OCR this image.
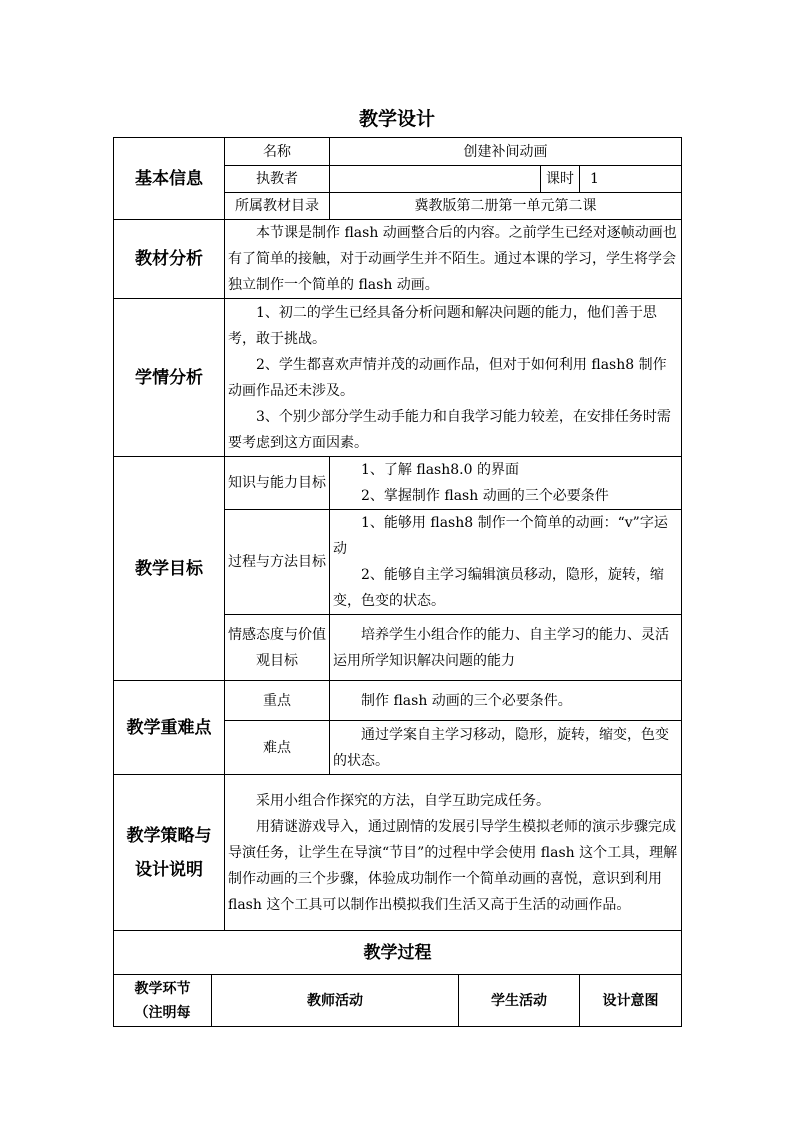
教学设计
基本信息		名称	创建补间动画			
		执教者			课时	1
		所属教材目录	冀教版第二册第一单元第二课			
教材分析		本节课是制作 flash 动画整合后的内容。之前学生已经对逐帧动画也有了简单的接触，对于动画学生并不陌生。通过本课的学习，学生将学会独立制作一个简单的 flash 动画。				

学情分析		1、初二的学生已经具备分析问题和解决问题的能力，他们善于思考，敢于挑战。

2、学生都喜欢声情并茂的动画作品，但对于如何利用 flash8 制作动画作品还未涉及。

3、个别少部分学生动手能力和自我学习能力较差，在安排任务时需要考虑到这方面因素。				

教学目标		知识与能力目标	1、了解 flash8.0 的界面

2、掌握制作 flash 动画的三个必要条件			

		过程与方法目标	1、能够用 flash8 制作一个简单的动画：“v”字运动

2、能够自主学习编辑演员移动，隐形，旋转，缩变，色变的状态。			

		情感态度与价值观目标	培养学生小组合作的能力、自主学习的能力、灵活运用所学知识解决问题的能力			

教学重难点		重点	制作 flash 动画的三个必要条件。			

		难点	通过学案自主学习移动，隐形，旋转，缩变，色变的状态。			

教学策略与设计说明		采用小组合作探究的方法，自学互助完成任务。

用猜谜游戏导入，通过剧情的发展引导学生模拟老师的演示步骤完成导演任务，让学生在导演“节目”的过程中学会使用 flash 这个工具，理解制作动画的三个步骤，体验成功制作一个简单动画的喜悦，意识到利用 flash 这个工具可以制作出模拟我们生活又高于生活的动画作品。				

教学过程						
教学环节（注明每	教师活动			学生活动		设计意图
